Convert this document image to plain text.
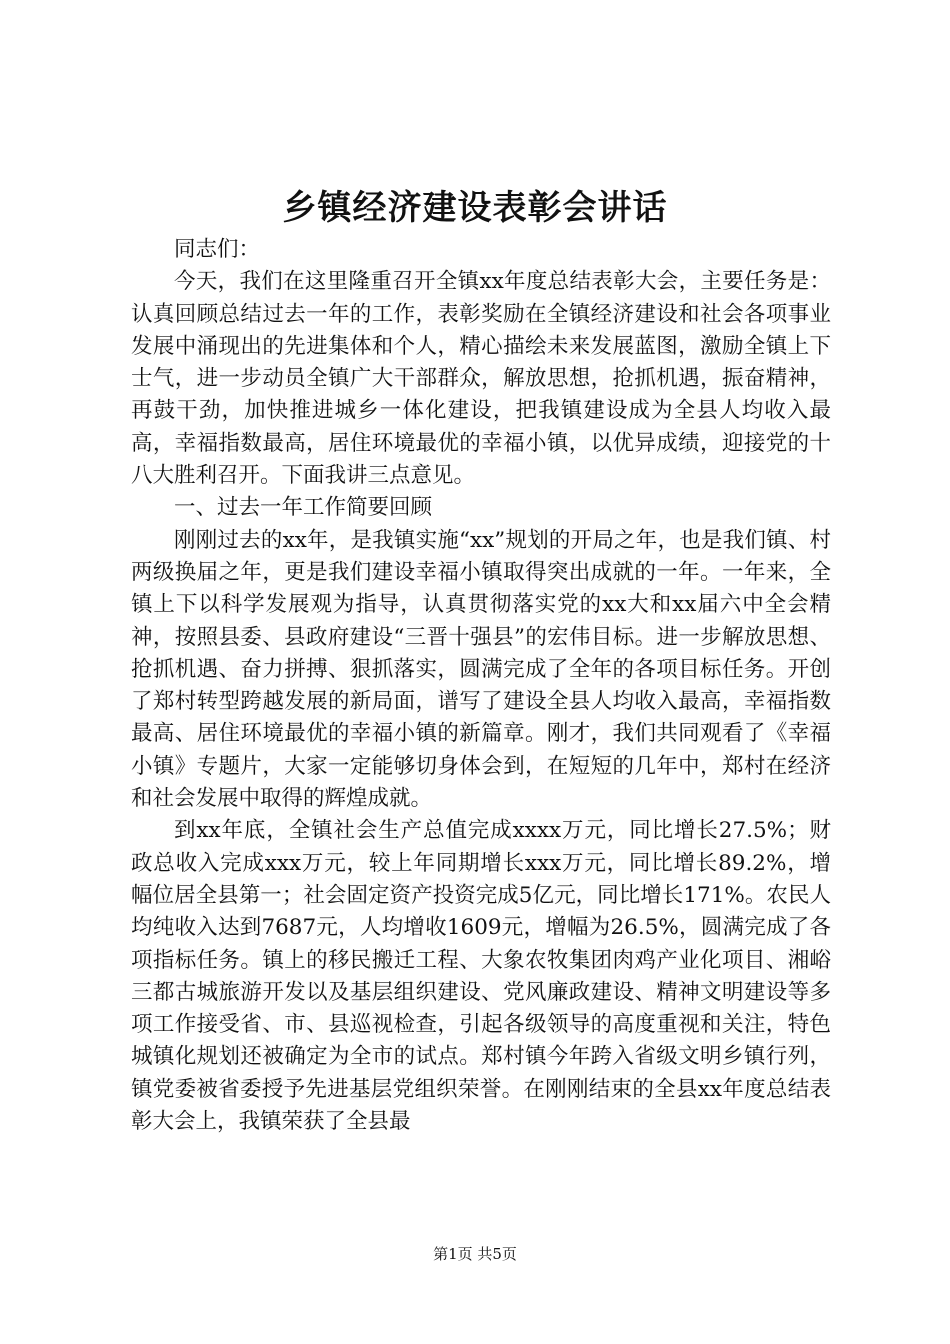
乡镇经济建设表彰会讲话

同志们：

今天，我们在这里隆重召开全镇xx年度总结表彰大会，主要任务是：认真回顾总结过去一年的工作，表彰奖励在全镇经济建设和社会各项事业发展中涌现出的先进集体和个人，精心描绘未来发展蓝图，激励全镇上下士气，进一步动员全镇广大干部群众，解放思想，抢抓机遇，振奋精神，再鼓干劲，加快推进城乡一体化建设，把我镇建设成为全县人均收入最高，幸福指数最高，居住环境最优的幸福小镇，以优异成绩，迎接党的十八大胜利召开。下面我讲三点意见。

一、过去一年工作简要回顾

刚刚过去的xx年，是我镇实施“xx”规划的开局之年，也是我们镇、村两级换届之年，更是我们建设幸福小镇取得突出成就的一年。一年来，全镇上下以科学发展观为指导，认真贯彻落实党的xx大和xx届六中全会精神，按照县委、县政府建设“三晋十强县”的宏伟目标。进一步解放思想、抢抓机遇、奋力拼搏、狠抓落实，圆满完成了全年的各项目标任务。开创了郑村转型跨越发展的新局面，谱写了建设全县人均收入最高，幸福指数最高、居住环境最优的幸福小镇的新篇章。刚才，我们共同观看了《幸福小镇》专题片，大家一定能够切身体会到，在短短的几年中，郑村在经济和社会发展中取得的辉煌成就。

到xx年底，全镇社会生产总值完成xxxx万元，同比增长27.5%；财政总收入完成xxx万元，较上年同期增长xxx万元，同比增长89.2%，增幅位居全县第一；社会固定资产投资完成5亿元，同比增长171%。农民人均纯收入达到7687元，人均增收1609元，增幅为26.5%，圆满完成了各项指标任务。镇上的移民搬迁工程、大象农牧集团肉鸡产业化项目、湘峪三都古城旅游开发以及基层组织建设、党风廉政建设、精神文明建设等多项工作接受省、市、县巡视检查，引起各级领导的高度重视和关注，特色城镇化规划还被确定为全市的试点。郑村镇今年跨入省级文明乡镇行列，镇党委被省委授予先进基层党组织荣誉。在刚刚结束的全县xx年度总结表彰大会上，我镇荣获了全县最

第1页 共5页
